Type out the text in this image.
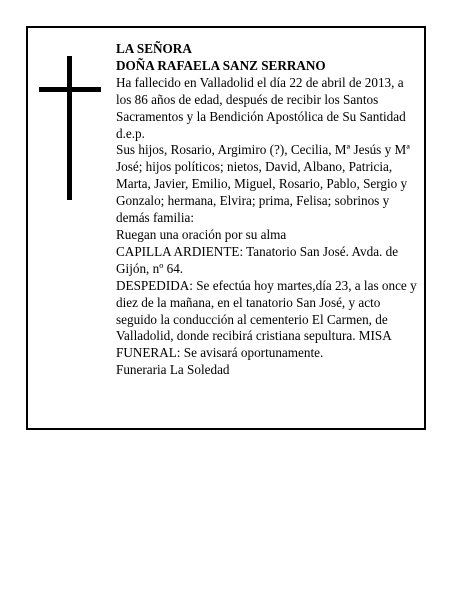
LA SEÑORA

DOÑA RAFAELA SANZ SERRANO

Ha fallecido en Valladolid el día 22 de abril de 2013, a los 86 años de edad, después de recibir los Santos Sacramentos y la Bendición Apostólica de Su Santidad d.e.p.

Sus hijos, Rosario, Argimiro (?), Cecilia, Mª Jesús y Mª José; hijos políticos; nietos, David, Albano, Patricia, Marta, Javier, Emilio, Miguel, Rosario, Pablo, Sergio y Gonzalo; hermana, Elvira; prima, Felisa; sobrinos y demás familia:

Ruegan una oración por su alma

CAPILLA ARDIENTE: Tanatorio San José. Avda. de Gijón, nº 64.

DESPEDIDA: Se efectúa hoy martes,día 23, a las once y diez de la mañana, en el tanatorio San José, y acto seguido la conducción al cementerio El Carmen, de Valladolid, donde recibirá cristiana sepultura. MISA FUNERAL: Se avisará oportunamente.

Funeraria La Soledad
